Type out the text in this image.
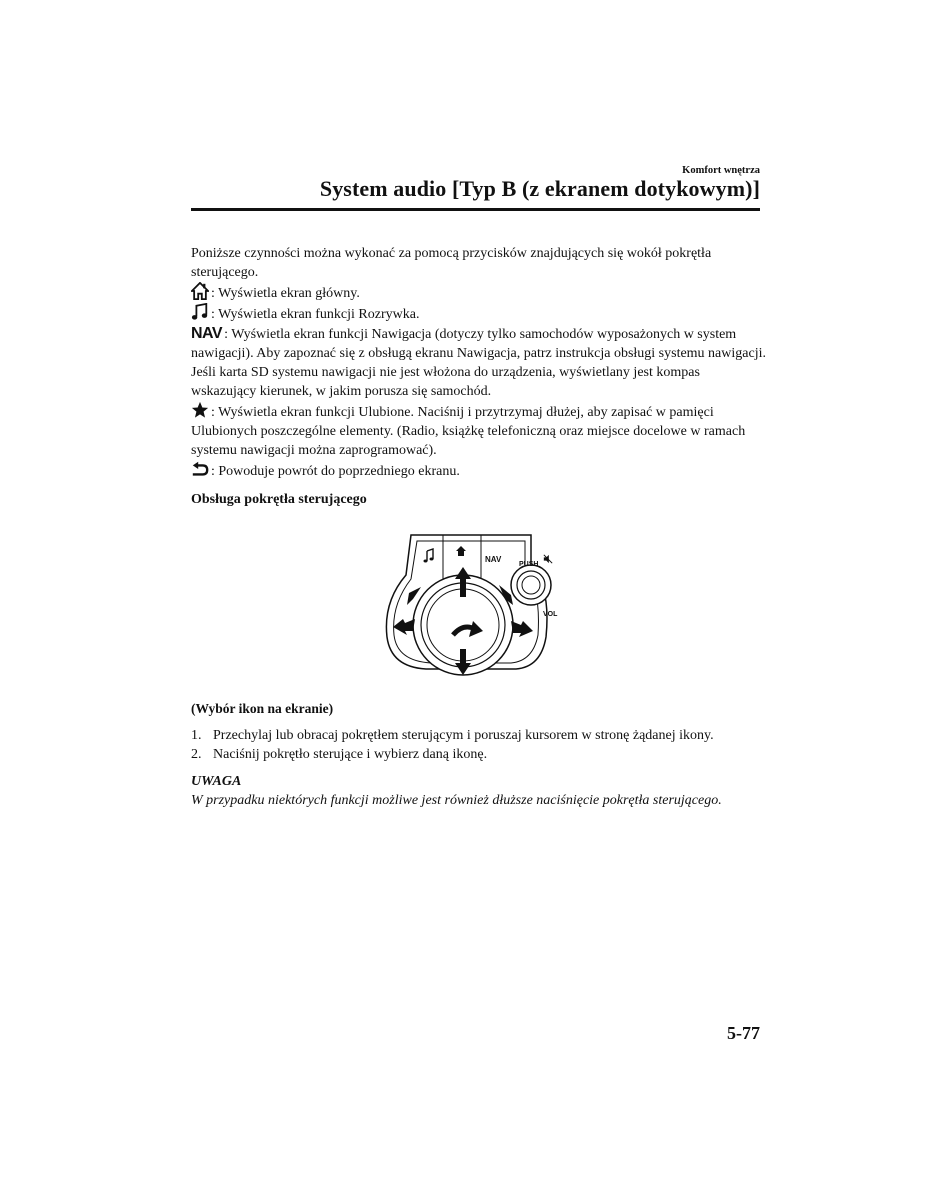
Komfort wnętrza
System audio [Typ B (z ekranem dotykowym)]

Poniższe czynności można wykonać za pomocą przycisków znajdujących się wokół pokrętła sterującego.

: Wyświetla ekran główny.

: Wyświetla ekran funkcji Rozrywka.

NAV : Wyświetla ekran funkcji Nawigacja (dotyczy tylko samochodów wyposażonych w system nawigacji). Aby zapoznać się z obsługą ekranu Nawigacja, patrz instrukcja obsługi systemu nawigacji. Jeśli karta SD systemu nawigacji nie jest włożona do urządzenia, wyświetlany jest kompas wskazujący kierunek, w jakim porusza się samochód.

: Wyświetla ekran funkcji Ulubione. Naciśnij i przytrzymaj dłużej, aby zapisać w pamięci Ulubionych poszczególne elementy. (Radio, książkę telefoniczną oraz miejsce docelowe w ramach systemu nawigacji można zaprogramować).

: Powoduje powrót do poprzedniego ekranu.

Obsługa pokrętła sterującego

NAV
PUSH
VOL

(Wybór ikon na ekranie)

1. Przechylaj lub obracaj pokrętłem sterującym i poruszaj kursorem w stronę żądanej ikony.
2. Naciśnij pokrętło sterujące i wybierz daną ikonę.

UWAGA

W przypadku niektórych funkcji możliwe jest również dłuższe naciśnięcie pokrętła sterującego.

5-77
